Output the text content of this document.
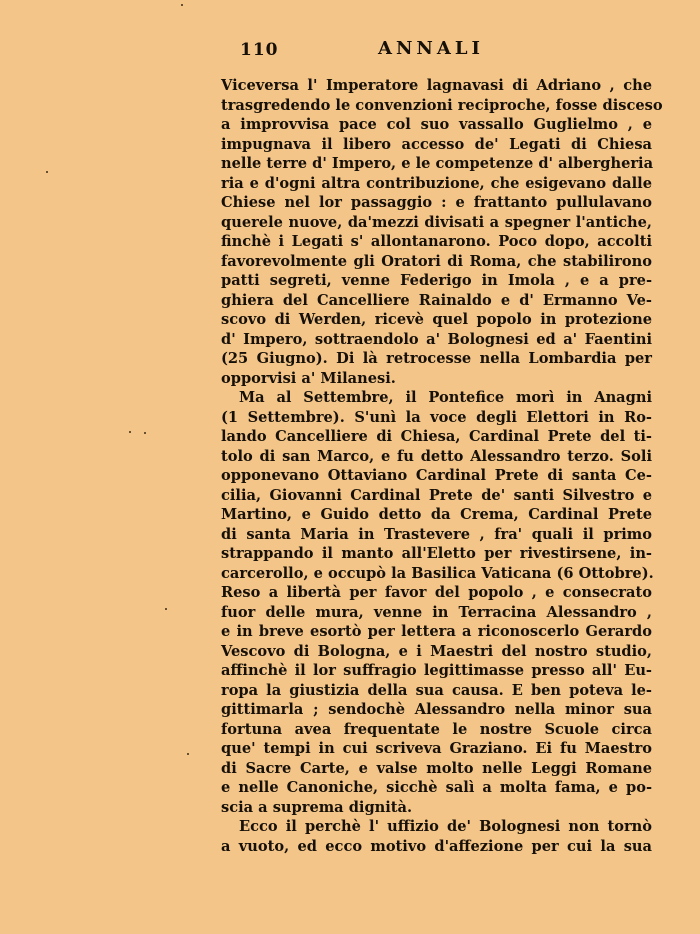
110	ANNALI
Viceversa l' Imperatore lagnavasi di Adriano , che
trasgredendo le convenzioni reciproche, fosse disceso
a improvvisa pace col suo vassallo Guglielmo , e
impugnava il libero accesso de' Legati di Chiesa
nelle terre d' Impero, e le competenze d' albergheria
ria e d'ogni altra contribuzione, che esigevano dalle
Chiese nel lor passaggio : e frattanto pullulavano
querele nuove, da'mezzi divisati a spegner l'antiche,
finchè i Legati s' allontanarono. Poco dopo, accolti
favorevolmente gli Oratori di Roma, che stabilirono
patti segreti, venne Federigo in Imola , e a pre-
ghiera del Cancelliere Rainaldo e d' Ermanno Ve-
scovo di Werden, ricevè quel popolo in protezione
d' Impero, sottraendolo a' Bolognesi ed a' Faentini
(25 Giugno). Di là retrocesse nella Lombardia per
opporvisi a' Milanesi.
Ma al Settembre, il Pontefice morì in Anagni
(1 Settembre). S'unì la voce degli Elettori in Ro-
lando Cancelliere di Chiesa, Cardinal Prete del ti-
tolo di san Marco, e fu detto Alessandro terzo. Soli
opponevano Ottaviano Cardinal Prete di santa Ce-
cilia, Giovanni Cardinal Prete de' santi Silvestro e
Martino, e Guido detto da Crema, Cardinal Prete
di santa Maria in Trastevere , fra' quali il primo
strappando il manto all'Eletto per rivestirsene, in-
carcerollo, e occupò la Basilica Vaticana (6 Ottobre).
Reso a libertà per favor del popolo , e consecrato
fuor delle mura, venne in Terracina Alessandro ,
e in breve esortò per lettera a riconoscerlo Gerardo
Vescovo di Bologna, e i Maestri del nostro studio,
affinchè il lor suffragio legittimasse presso all' Eu-
ropa la giustizia della sua causa. E ben poteva le-
gittimarla ; sendochè Alessandro nella minor sua
fortuna avea frequentate le nostre Scuole circa
que' tempi in cui scriveva Graziano. Ei fu Maestro
di Sacre Carte, e valse molto nelle Leggi Romane
e nelle Canoniche, sicchè salì a molta fama, e po-
scia a suprema dignità.
Ecco il perchè l' uffizio de' Bolognesi non tornò
a vuoto, ed ecco motivo d'affezione per cui la sua
